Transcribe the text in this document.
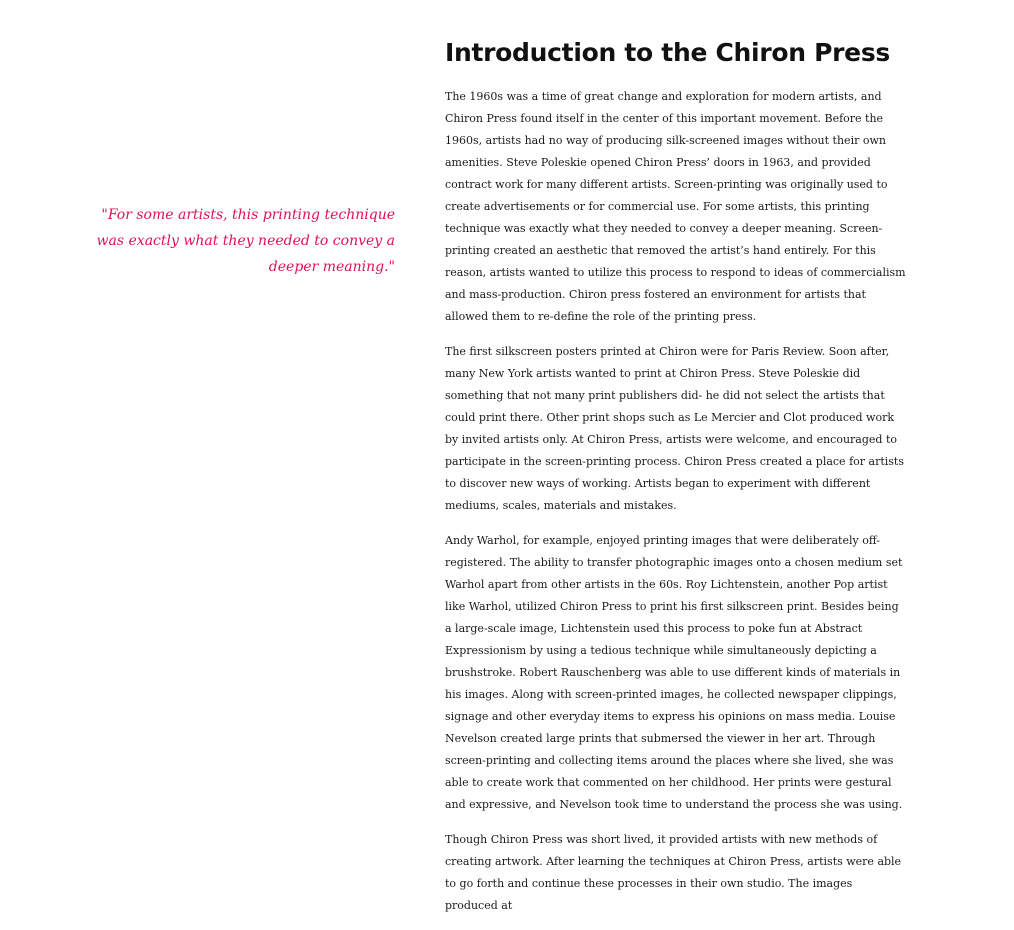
"For some artists, this printing technique was exactly what they needed to convey a deeper meaning."

Introduction to the Chiron Press

The 1960s was a time of great change and exploration for modern artists, and Chiron Press found itself in the center of this important movement. Before the 1960s, artists had no way of producing silk-screened images without their own amenities. Steve Poleskie opened Chiron Press’ doors in 1963, and provided contract work for many different artists. Screen-printing was originally used to create advertisements or for commercial use. For some artists, this printing technique was exactly what they needed to convey a deeper meaning. Screen-printing created an aesthetic that removed the artist’s hand entirely. For this reason, artists wanted to utilize this process to respond to ideas of commercialism and mass-production. Chiron press fostered an environment for artists that allowed them to re-define the role of the printing press.

The first silkscreen posters printed at Chiron were for Paris Review. Soon after, many New York artists wanted to print at Chiron Press. Steve Poleskie did something that not many print publishers did- he did not select the artists that could print there. Other print shops such as Le Mercier and Clot produced work by invited artists only. At Chiron Press, artists were welcome, and encouraged to participate in the screen-printing process. Chiron Press created a place for artists to discover new ways of working. Artists began to experiment with different mediums, scales, materials and mistakes.

Andy Warhol, for example, enjoyed printing images that were deliberately off-registered. The ability to transfer photographic images onto a chosen medium set Warhol apart from other artists in the 60s. Roy Lichtenstein, another Pop artist like Warhol, utilized Chiron Press to print his first silkscreen print. Besides being a large-scale image, Lichtenstein used this process to poke fun at Abstract Expressionism by using a tedious technique while simultaneously depicting a brushstroke. Robert Rauschenberg was able to use different kinds of materials in his images. Along with screen-printed images, he collected newspaper clippings, signage and other everyday items to express his opinions on mass media. Louise Nevelson created large prints that submersed the viewer in her art. Through screen-printing and collecting items around the places where she lived, she was able to create work that commented on her childhood. Her prints were gestural and expressive, and Nevelson took time to understand the process she was using.

Though Chiron Press was short lived, it provided artists with new methods of creating artwork. After learning the techniques at Chiron Press, artists were able to go forth and continue these processes in their own studio. The images produced at
